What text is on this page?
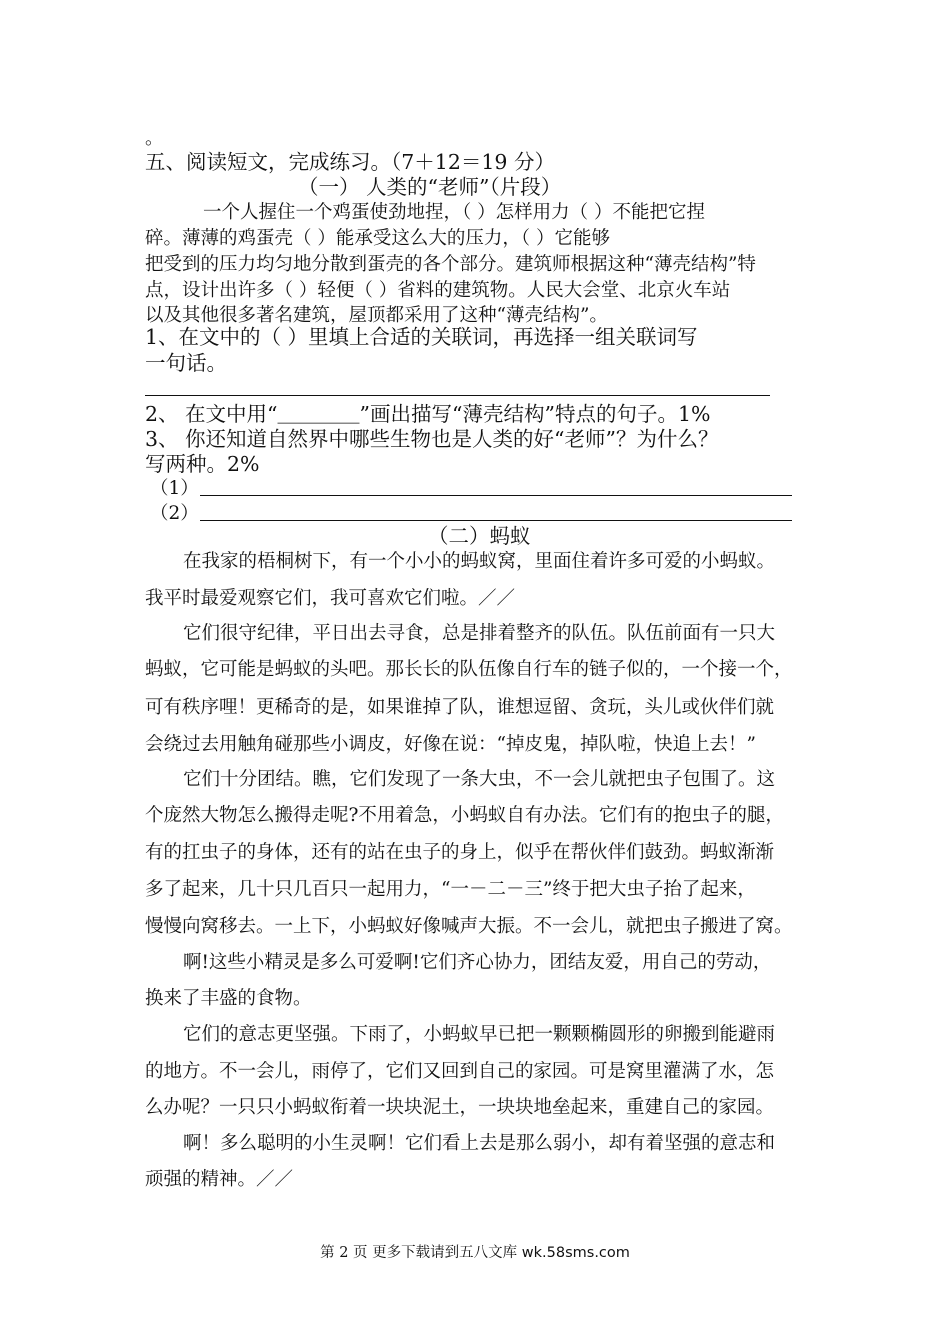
。
五、阅读短文，完成练习。（7＋12＝19 分）
（一） 人类的“老师”（片段）
一个人握住一个鸡蛋使劲地捏，（ ）怎样用力（ ）不能把它捏
碎。薄薄的鸡蛋壳（ ）能承受这么大的压力，（ ）它能够
把受到的压力均匀地分散到蛋壳的各个部分。建筑师根据这种“薄壳结构”特
点，设计出许多（ ）轻便（ ）省料的建筑物。人民大会堂、北京火车站
以及其他很多著名建筑，屋顶都采用了这种“薄壳结构”。
1、在文中的（ ）里填上合适的关联词，再选择一组关联词写
一句话。
2、 在文中用“＿＿＿＿”画出描写“薄壳结构”特点的句子。1%
3、 你还知道自然界中哪些生物也是人类的好“老师”？为什么？
写两种。2%
（1）
（2）
（二）蚂蚁
在我家的梧桐树下，有一个小小的蚂蚁窝，里面住着许多可爱的小蚂蚁。
我平时最爱观察它们，我可喜欢它们啦。／／
它们很守纪律，平日出去寻食，总是排着整齐的队伍。队伍前面有一只大
蚂蚁，它可能是蚂蚁的头吧。那长长的队伍像自行车的链子似的，一个接一个，
可有秩序哩！更稀奇的是，如果谁掉了队，谁想逗留、贪玩，头儿或伙伴们就
会绕过去用触角碰那些小调皮，好像在说：“掉皮鬼，掉队啦，快追上去！”
它们十分团结。瞧，它们发现了一条大虫，不一会儿就把虫子包围了。这
个庞然大物怎么搬得走呢?不用着急，小蚂蚁自有办法。它们有的抱虫子的腿，
有的扛虫子的身体，还有的站在虫子的身上，似乎在帮伙伴们鼓劲。蚂蚁渐渐
多了起来，几十只几百只一起用力，“一－二－三”终于把大虫子抬了起来，
慢慢向窝移去。一上下，小蚂蚁好像喊声大振。不一会儿，就把虫子搬进了窝。
啊!这些小精灵是多么可爱啊!它们齐心协力，团结友爱，用自己的劳动，
换来了丰盛的食物。
它们的意志更坚强。下雨了，小蚂蚁早已把一颗颗椭圆形的卵搬到能避雨
的地方。不一会儿，雨停了，它们又回到自己的家园。可是窝里灌满了水，怎
么办呢？一只只小蚂蚁衔着一块块泥土，一块块地垒起来，重建自己的家园。
啊！多么聪明的小生灵啊！它们看上去是那么弱小，却有着坚强的意志和
顽强的精神。／／
第 2 页 更多下载请到五八文库 wk.58sms.com
